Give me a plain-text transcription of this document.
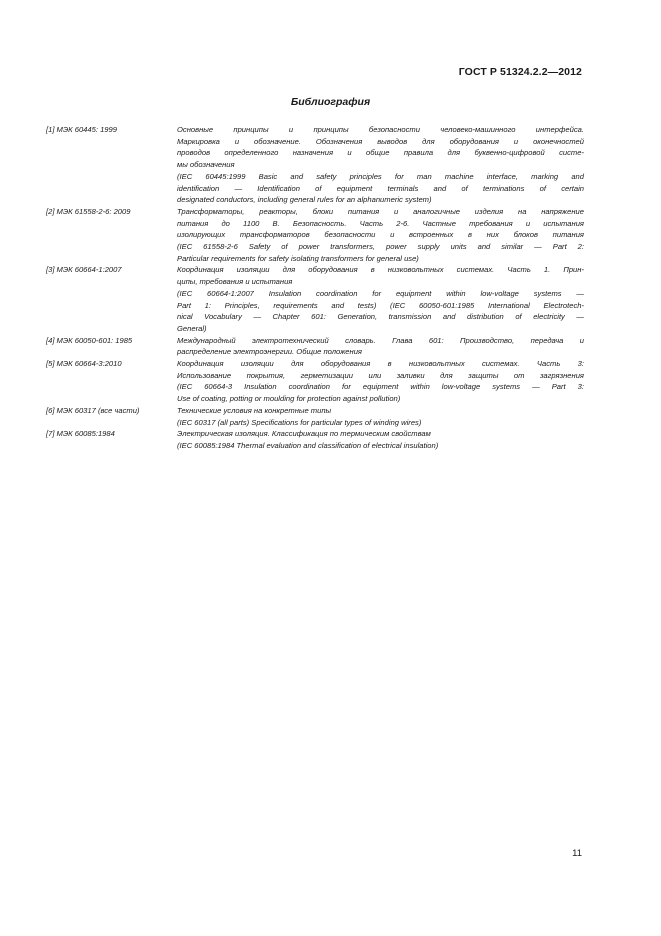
ГОСТ Р 51324.2.2—2012
Библиография
[1] МЭК 60445: 1999	Основные принципы и принципы безопасности человеко-машинного интерфейса.
Маркировка и обозначение. Обозначения выводов для оборудования и оконечностей
проводов определенного назначения и общие правила для буквенно-цифровой систе-
мы обозначения
(IEC 60445:1999 Basic and safety principles for man machine interface, marking and
identification — Identification of equipment terminals and of terminations of certain
designated conductors, including general rules for an alphanumeric system)
[2] МЭК 61558-2-6: 2009	Трансформаторы, реакторы, блоки питания и аналогичные изделия на напряжение
питания до 1100 В. Безопасность. Часть 2-6. Частные требования и испытания
изолирующих трансформаторов безопасности и встроенных в них блоков питания
(IEC 61558-2-6 Safety of power transformers, power supply units and similar — Part 2:
Particular requirements for safety isolating transformers for general use)
[3] МЭК 60664-1:2007	Координация изоляции для оборудования в низковольтных системах. Часть 1. Прин-
ципы, требования и испытания
(IEC 60664-1:2007 Insulation coordination for equipment within low-voltage systems —
Part 1: Principles, requirements and tests) (IEC 60050-601:1985 International Electrotech-
nical Vocabulary — Chapter 601: Generation, transmission and distribution of electricity —
General)
[4] МЭК 60050-601: 1985	Международный электротехнический словарь. Глава 601: Производство, передача и
распределение электроэнергии. Общие положения
[5] МЭК 60664-3:2010	Координация изоляции для оборудования в низковольтных системах. Часть 3:
Использование покрытия, герметизации или заливки для защиты от загрязнения
(IEC 60664-3 Insulation coordination for equipment within low-voltage systems — Part 3:
Use of coating, potting or moulding for protection against pollution)
[6] МЭК 60317 (все части)	Технические условия на конкретные типы
(IEC 60317 (all parts) Specifications for particular types of winding wires)
[7] МЭК 60085:1984	Электрическая изоляция. Классификация по термическим свойствам
(IEC 60085:1984 Thermal evaluation and classification of electrical insulation)
11
